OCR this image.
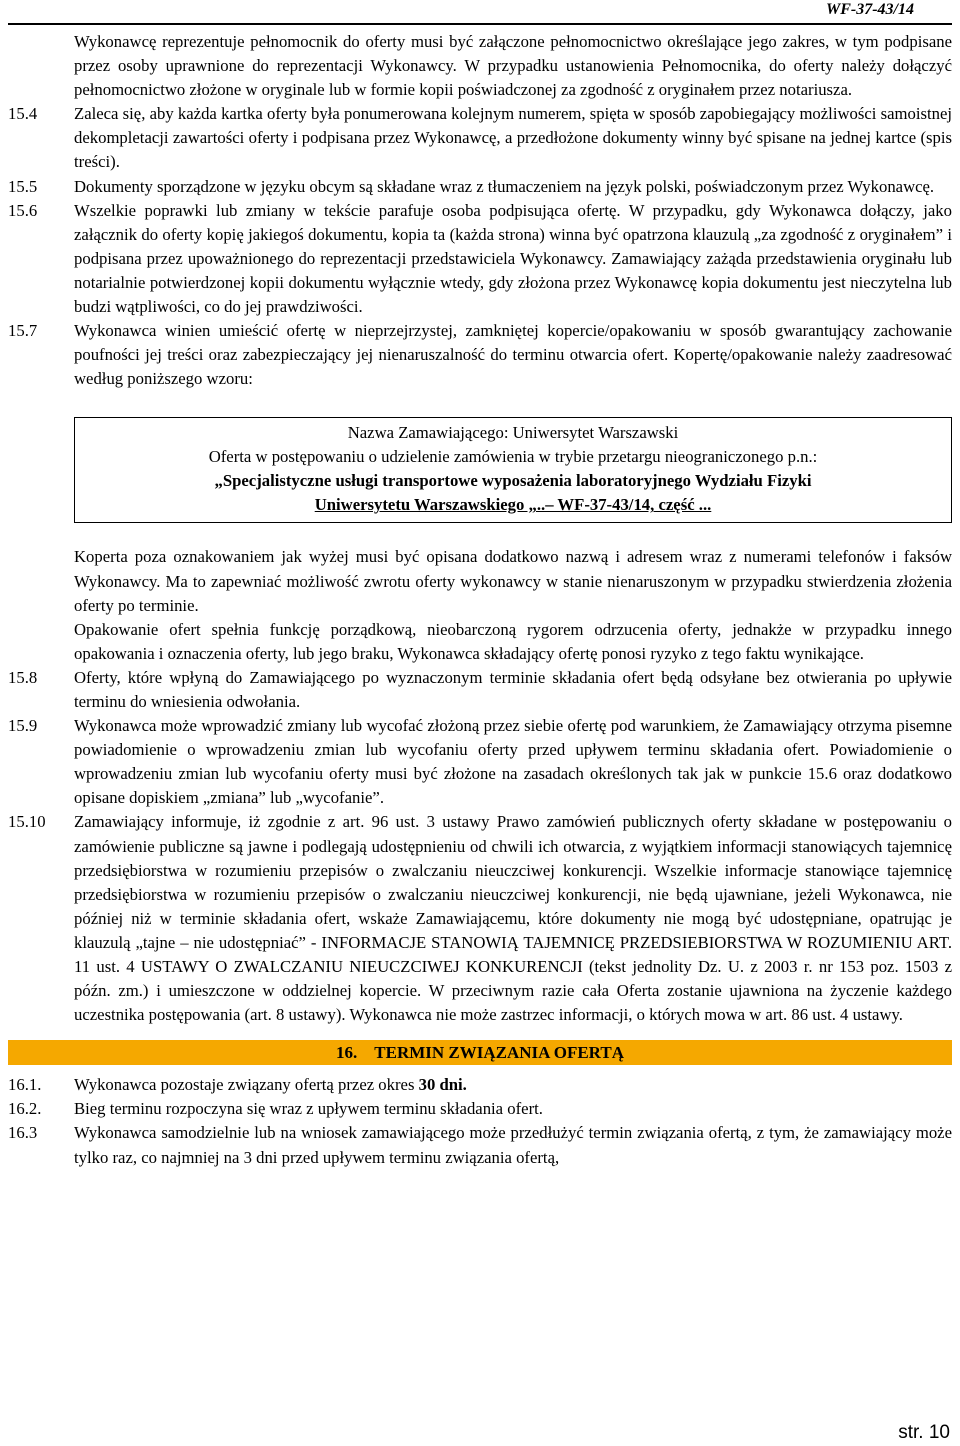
WF-37-43/14

Wykonawcę reprezentuje pełnomocnik do oferty musi być załączone pełnomocnictwo określające jego zakres, w tym podpisane przez osoby uprawnione do reprezentacji Wykonawcy. W przypadku ustanowienia Pełnomocnika, do oferty należy dołączyć pełnomocnictwo złożone w oryginale lub w formie kopii poświadczonej za zgodność z oryginałem przez notariusza.

15.4	Zaleca się, aby każda kartka oferty była ponumerowana kolejnym numerem, spięta w sposób zapobiegający możliwości samoistnej dekompletacji zawartości oferty i podpisana przez Wykonawcę, a przedłożone dokumenty winny być spisane na jednej kartce (spis treści).
15.5	Dokumenty sporządzone w języku obcym są składane wraz z tłumaczeniem na język polski, poświadczonym przez Wykonawcę.
15.6	Wszelkie poprawki lub zmiany w tekście parafuje osoba podpisująca ofertę. W przypadku, gdy Wykonawca dołączy, jako załącznik do oferty kopię jakiegoś dokumentu, kopia ta (każda strona) winna być opatrzona klauzulą „za zgodność z oryginałem” i podpisana przez upoważnionego do reprezentacji przedstawiciela Wykonawcy. Zamawiający zażąda przedstawienia oryginału lub notarialnie potwierdzonej kopii dokumentu wyłącznie wtedy, gdy złożona przez Wykonawcę kopia dokumentu jest nieczytelna lub budzi wątpliwości, co do jej prawdziwości.
15.7	Wykonawca winien umieścić ofertę w nieprzejrzystej, zamkniętej kopercie/opakowaniu w sposób gwarantujący zachowanie poufności jej treści oraz zabezpieczający jej nienaruszalność do terminu otwarcia ofert. Kopertę/opakowanie należy zaadresować według poniższego wzoru:
Nazwa Zamawiającego: Uniwersytet Warszawski
Oferta w postępowaniu o udzielenie zamówienia w trybie przetargu nieograniczonego p.n.:
„Specjalistyczne usługi transportowe wyposażenia laboratoryjnego Wydziału Fizyki
Uniwersytetu Warszawskiego „..– WF-37-43/14, część ...

Koperta poza oznakowaniem jak wyżej musi być opisana dodatkowo nazwą i adresem wraz z numerami telefonów i faksów Wykonawcy. Ma to zapewniać możliwość zwrotu oferty wykonawcy w stanie nienaruszonym w przypadku stwierdzenia złożenia oferty po terminie.

Opakowanie ofert spełnia funkcję porządkową, nieobarczoną rygorem odrzucenia oferty, jednakże w przypadku innego opakowania i oznaczenia oferty, lub jego braku, Wykonawca składający ofertę ponosi ryzyko z tego faktu wynikające.

15.8	Oferty, które wpłyną do Zamawiającego po wyznaczonym terminie składania ofert będą odsyłane bez otwierania po upływie terminu do wniesienia odwołania.
15.9	Wykonawca może wprowadzić zmiany lub wycofać złożoną przez siebie ofertę pod warunkiem, że Zamawiający otrzyma pisemne powiadomienie o wprowadzeniu zmian lub wycofaniu oferty przed upływem terminu składania ofert. Powiadomienie o wprowadzeniu zmian lub wycofaniu oferty musi być złożone na zasadach określonych tak jak w punkcie 15.6 oraz dodatkowo opisane dopiskiem „zmiana” lub „wycofanie”.
15.10	Zamawiający informuje, iż zgodnie z art. 96 ust. 3 ustawy Prawo zamówień publicznych oferty składane w postępowaniu o zamówienie publiczne są jawne i podlegają udostępnieniu od chwili ich otwarcia, z wyjątkiem informacji stanowiących tajemnicę przedsiębiorstwa w rozumieniu przepisów o zwalczaniu nieuczciwej konkurencji. Wszelkie informacje stanowiące tajemnicę przedsiębiorstwa w rozumieniu przepisów o zwalczaniu nieuczciwej konkurencji, nie będą ujawniane, jeżeli Wykonawca, nie później niż w terminie składania ofert, wskaże Zamawiającemu, które dokumenty nie mogą być udostępniane, opatrując je klauzulą „tajne – nie udostępniać” - INFORMACJE STANOWIĄ TAJEMNICĘ PRZEDSIEBIORSTWA W ROZUMIENIU ART. 11 ust. 4 USTAWY O ZWALCZANIU NIEUCZCIWEJ KONKURENCJI (tekst jednolity Dz. U. z 2003 r. nr 153 poz. 1503 z późn. zm.) i umieszczone w oddzielnej kopercie. W przeciwnym razie cała Oferta zostanie ujawniona na życzenie każdego uczestnika postępowania (art. 8 ustawy). Wykonawca nie może zastrzec informacji, o których mowa w art. 86 ust. 4 ustawy.
16. TERMIN ZWIĄZANIA OFERTĄ
16.1.	Wykonawca pozostaje związany ofertą przez okres 30 dni.
16.2.	Bieg terminu rozpoczyna się wraz z upływem terminu składania ofert.
16.3	Wykonawca samodzielnie lub na wniosek zamawiającego może przedłużyć termin związania ofertą, z tym, że zamawiający może tylko raz, co najmniej na 3 dni przed upływem terminu związania ofertą,
str. 10
